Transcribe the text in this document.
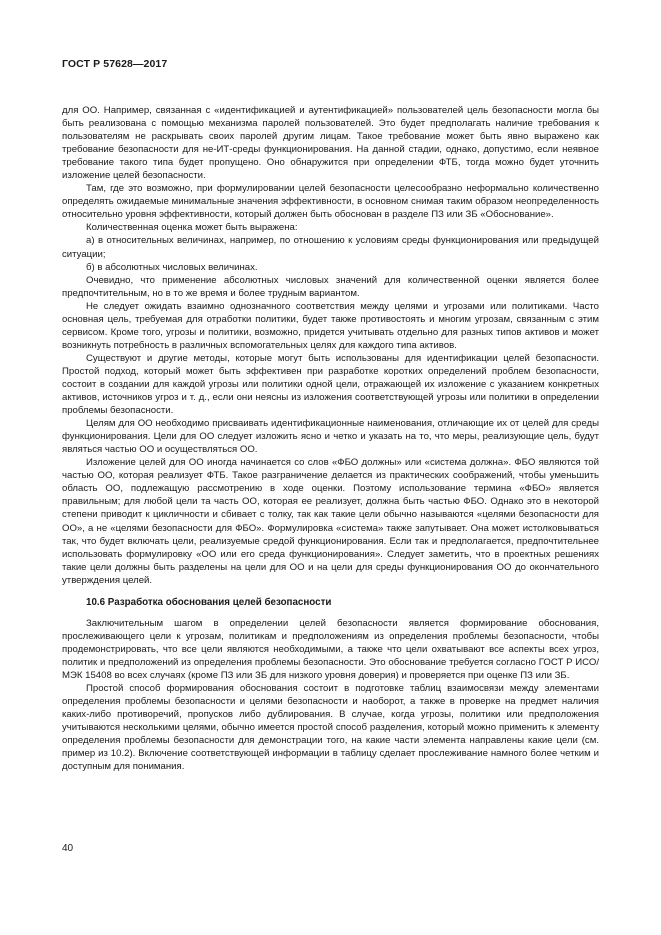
ГОСТ Р 57628—2017

для ОО. Например, связанная с «идентификацией и аутентификацией» пользователей цель безопасности могла бы быть реализована с помощью механизма паролей пользователей. Это будет предполагать наличие требования к пользователям не раскрывать своих паролей другим лицам. Такое требование может быть явно выражено как требование безопасности для не-ИТ-среды функционирования. На данной стадии, однако, допустимо, если неявное требование такого типа будет пропущено. Оно обнаружится при определении ФТБ, тогда можно будет уточнить изложение целей безопасности.

Там, где это возможно, при формулировании целей безопасности целесообразно неформально количественно определять ожидаемые минимальные значения эффективности, в основном снимая таким образом неопределенность относительно уровня эффективности, который должен быть обоснован в разделе ПЗ или ЗБ «Обоснование».

Количественная оценка может быть выражена:

а) в относительных величинах, например, по отношению к условиям среды функционирования или предыдущей ситуации;

б) в абсолютных числовых величинах.

Очевидно, что применение абсолютных числовых значений для количественной оценки является более предпочтительным, но в то же время и более трудным вариантом.

Не следует ожидать взаимно однозначного соответствия между целями и угрозами или политиками. Часто основная цель, требуемая для отработки политики, будет также противостоять и многим угрозам, связанным с этим сервисом. Кроме того, угрозы и политики, возможно, придется учитывать отдельно для разных типов активов и может возникнуть потребность в различных вспомогательных целях для каждого типа активов.

Существуют и другие методы, которые могут быть использованы для идентификации целей безопасности. Простой подход, который может быть эффективен при разработке коротких определений проблем безопасности, состоит в создании для каждой угрозы или политики одной цели, отражающей их изложение с указанием конкретных активов, источников угроз и т. д., если они неясны из изложения соответствующей угрозы или политики в определении проблемы безопасности.

Целям для ОО необходимо присваивать идентификационные наименования, отличающие их от целей для среды функционирования. Цели для ОО следует изложить ясно и четко и указать на то, что меры, реализующие цель, будут являться частью ОО и осуществляться ОО.

Изложение целей для ОО иногда начинается со слов «ФБО должны» или «система должна». ФБО являются той частью ОО, которая реализует ФТБ. Такое разграничение делается из практических соображений, чтобы уменьшить область ОО, подлежащую рассмотрению в ходе оценки. Поэтому использование термина «ФБО» является правильным; для любой цели та часть ОО, которая ее реализует, должна быть частью ФБО. Однако это в некоторой степени приводит к цикличности и сбивает с толку, так как такие цели обычно называются «целями безопасности для ОО», а не «целями безопасности для ФБО». Формулировка «система» также запутывает. Она может истолковываться так, что будет включать цели, реализуемые средой функционирования. Если так и предполагается, предпочтительнее использовать формулировку «ОО или его среда функционирования». Следует заметить, что в проектных решениях такие цели должны быть разделены на цели для ОО и на цели для среды функционирования ОО до окончательного утверждения целей.

10.6 Разработка обоснования целей безопасности

Заключительным шагом в определении целей безопасности является формирование обоснования, прослеживающего цели к угрозам, политикам и предположениям из определения проблемы безопасности, чтобы продемонстрировать, что все цели являются необходимыми, а также что цели охватывают все аспекты всех угроз, политик и предположений из определения проблемы безопасности. Это обоснование требуется согласно ГОСТ Р ИСО/МЭК 15408 во всех случаях (кроме ПЗ или ЗБ для низкого уровня доверия) и проверяется при оценке ПЗ или ЗБ.

Простой способ формирования обоснования состоит в подготовке таблиц взаимосвязи между элементами определения проблемы безопасности и целями безопасности и наоборот, а также в проверке на предмет наличия каких-либо противоречий, пропусков либо дублирования. В случае, когда угрозы, политики или предположения учитываются несколькими целями, обычно имеется простой способ разделения, который можно применить к элементу определения проблемы безопасности для демонстрации того, на какие части элемента направлены какие цели (см. пример из 10.2). Включение соответствующей информации в таблицу сделает прослеживание намного более четким и доступным для понимания.

40
